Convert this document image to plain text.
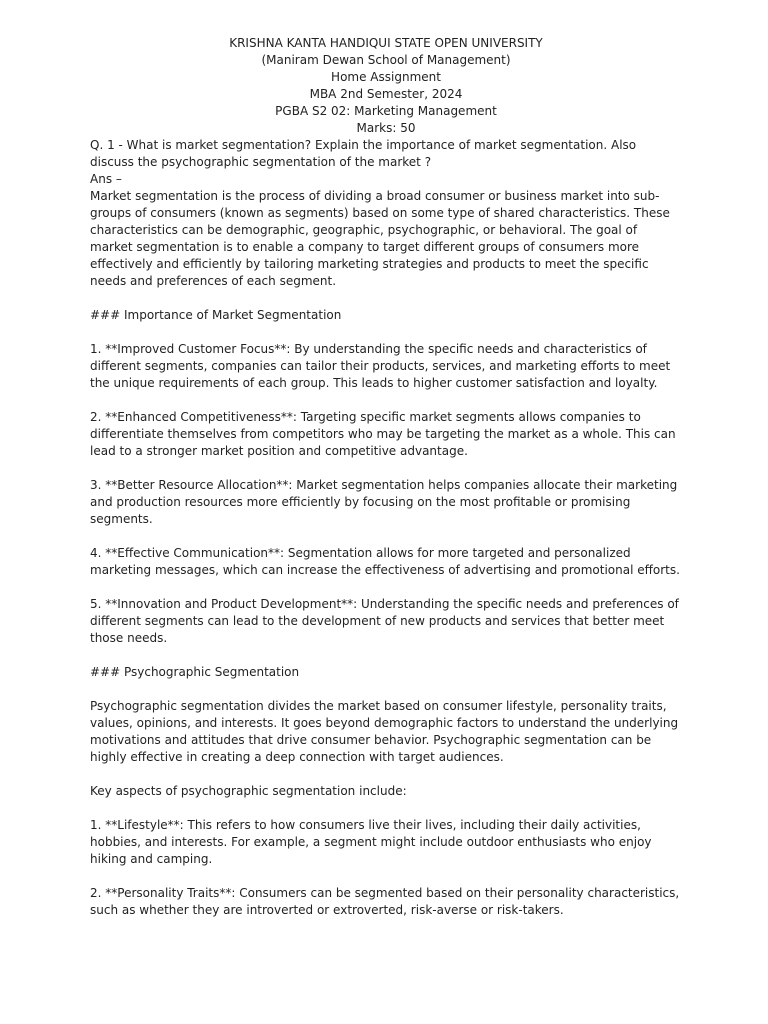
KRISHNA KANTA HANDIQUI STATE OPEN UNIVERSITY

(Maniram Dewan School of Management)

Home Assignment

MBA 2nd Semester, 2024

PGBA S2 02: Marketing Management

Marks: 50

Q. 1 - What is market segmentation? Explain the importance of market segmentation. Also discuss the psychographic segmentation of the market ?

Ans –

Market segmentation is the process of dividing a broad consumer or business market into sub-groups of consumers (known as segments) based on some type of shared characteristics. These characteristics can be demographic, geographic, psychographic, or behavioral. The goal of market segmentation is to enable a company to target different groups of consumers more effectively and efficiently by tailoring marketing strategies and products to meet the specific needs and preferences of each segment.

### Importance of Market Segmentation

1. **Improved Customer Focus**: By understanding the specific needs and characteristics of different segments, companies can tailor their products, services, and marketing efforts to meet the unique requirements of each group. This leads to higher customer satisfaction and loyalty.

2. **Enhanced Competitiveness**: Targeting specific market segments allows companies to differentiate themselves from competitors who may be targeting the market as a whole. This can lead to a stronger market position and competitive advantage.

3. **Better Resource Allocation**: Market segmentation helps companies allocate their marketing and production resources more efficiently by focusing on the most profitable or promising segments.

4. **Effective Communication**: Segmentation allows for more targeted and personalized marketing messages, which can increase the effectiveness of advertising and promotional efforts.

5. **Innovation and Product Development**: Understanding the specific needs and preferences of different segments can lead to the development of new products and services that better meet those needs.

### Psychographic Segmentation

Psychographic segmentation divides the market based on consumer lifestyle, personality traits, values, opinions, and interests. It goes beyond demographic factors to understand the underlying motivations and attitudes that drive consumer behavior. Psychographic segmentation can be highly effective in creating a deep connection with target audiences.

Key aspects of psychographic segmentation include:

1. **Lifestyle**: This refers to how consumers live their lives, including their daily activities, hobbies, and interests. For example, a segment might include outdoor enthusiasts who enjoy hiking and camping.

2. **Personality Traits**: Consumers can be segmented based on their personality characteristics, such as whether they are introverted or extroverted, risk-averse or risk-takers.
